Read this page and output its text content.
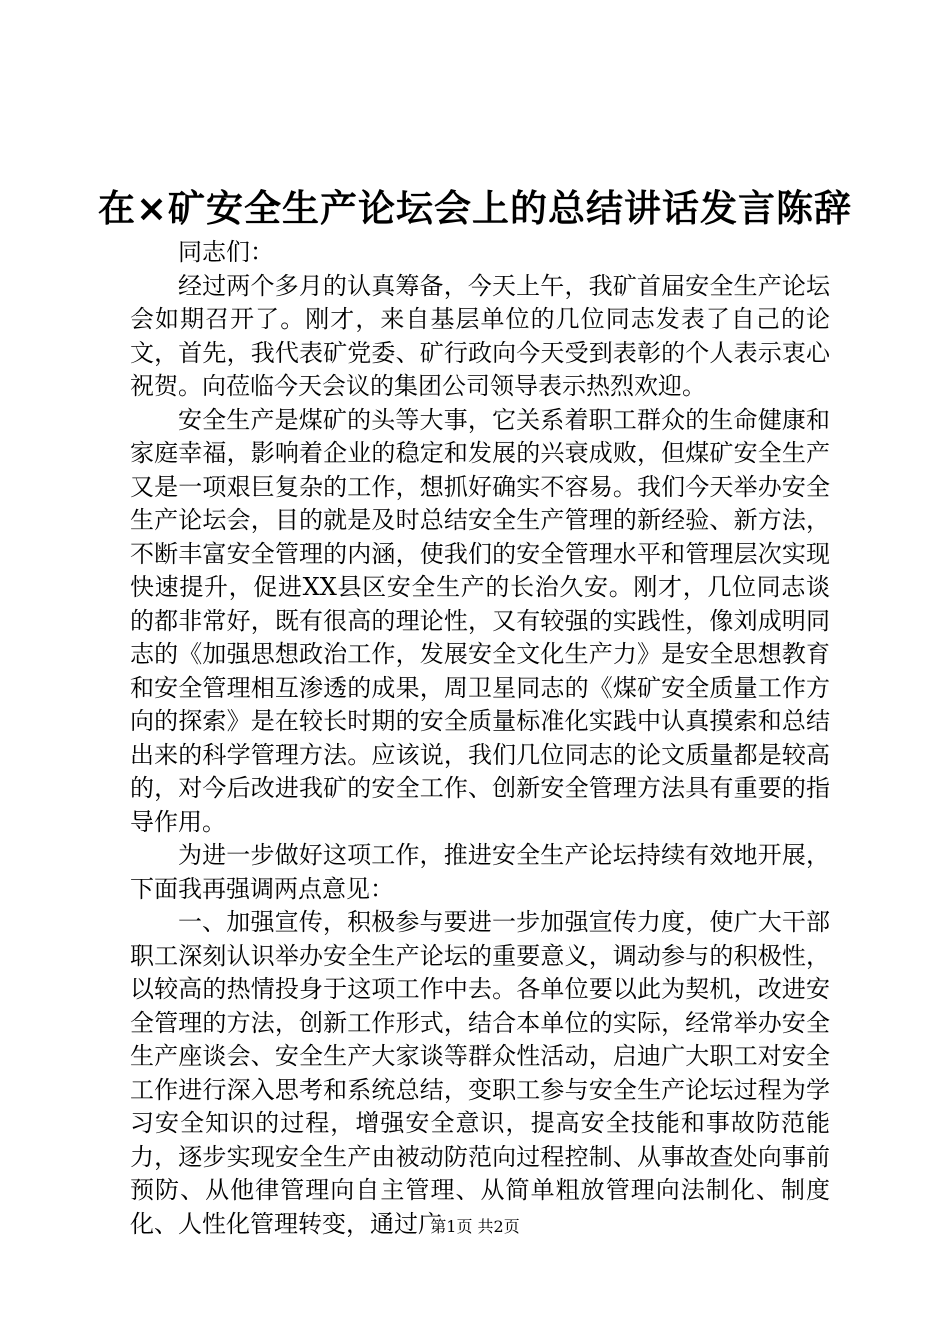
在×矿安全生产论坛会上的总结讲话发言陈辞

同志们：

经过两个多月的认真筹备，今天上午，我矿首届安全生产论坛会如期召开了。刚才，来自基层单位的几位同志发表了自己的论文，首先，我代表矿党委、矿行政向今天受到表彰的个人表示衷心祝贺。向莅临今天会议的集团公司领导表示热烈欢迎。

安全生产是煤矿的头等大事，它关系着职工群众的生命健康和家庭幸福，影响着企业的稳定和发展的兴衰成败，但煤矿安全生产又是一项艰巨复杂的工作，想抓好确实不容易。我们今天举办安全生产论坛会，目的就是及时总结安全生产管理的新经验、新方法，不断丰富安全管理的内涵，使我们的安全管理水平和管理层次实现快速提升，促进XX县区安全生产的长治久安。刚才，几位同志谈的都非常好，既有很高的理论性，又有较强的实践性，像刘成明同志的《加强思想政治工作，发展安全文化生产力》是安全思想教育和安全管理相互渗透的成果，周卫星同志的《煤矿安全质量工作方向的探索》是在较长时期的安全质量标准化实践中认真摸索和总结出来的科学管理方法。应该说，我们几位同志的论文质量都是较高的，对今后改进我矿的安全工作、创新安全管理方法具有重要的指导作用。

为进一步做好这项工作，推进安全生产论坛持续有效地开展，下面我再强调两点意见：

一、加强宣传，积极参与要进一步加强宣传力度，使广大干部职工深刻认识举办安全生产论坛的重要意义，调动参与的积极性，以较高的热情投身于这项工作中去。各单位要以此为契机，改进安全管理的方法，创新工作形式，结合本单位的实际，经常举办安全生产座谈会、安全生产大家谈等群众性活动，启迪广大职工对安全工作进行深入思考和系统总结，变职工参与安全生产论坛过程为学习安全知识的过程，增强安全意识，提高安全技能和事故防范能力，逐步实现安全生产由被动防范向过程控制、从事故查处向事前预防、从他律管理向自主管理、从简单粗放管理向法制化、制度化、人性化管理转变，通过广

第1页 共2页
